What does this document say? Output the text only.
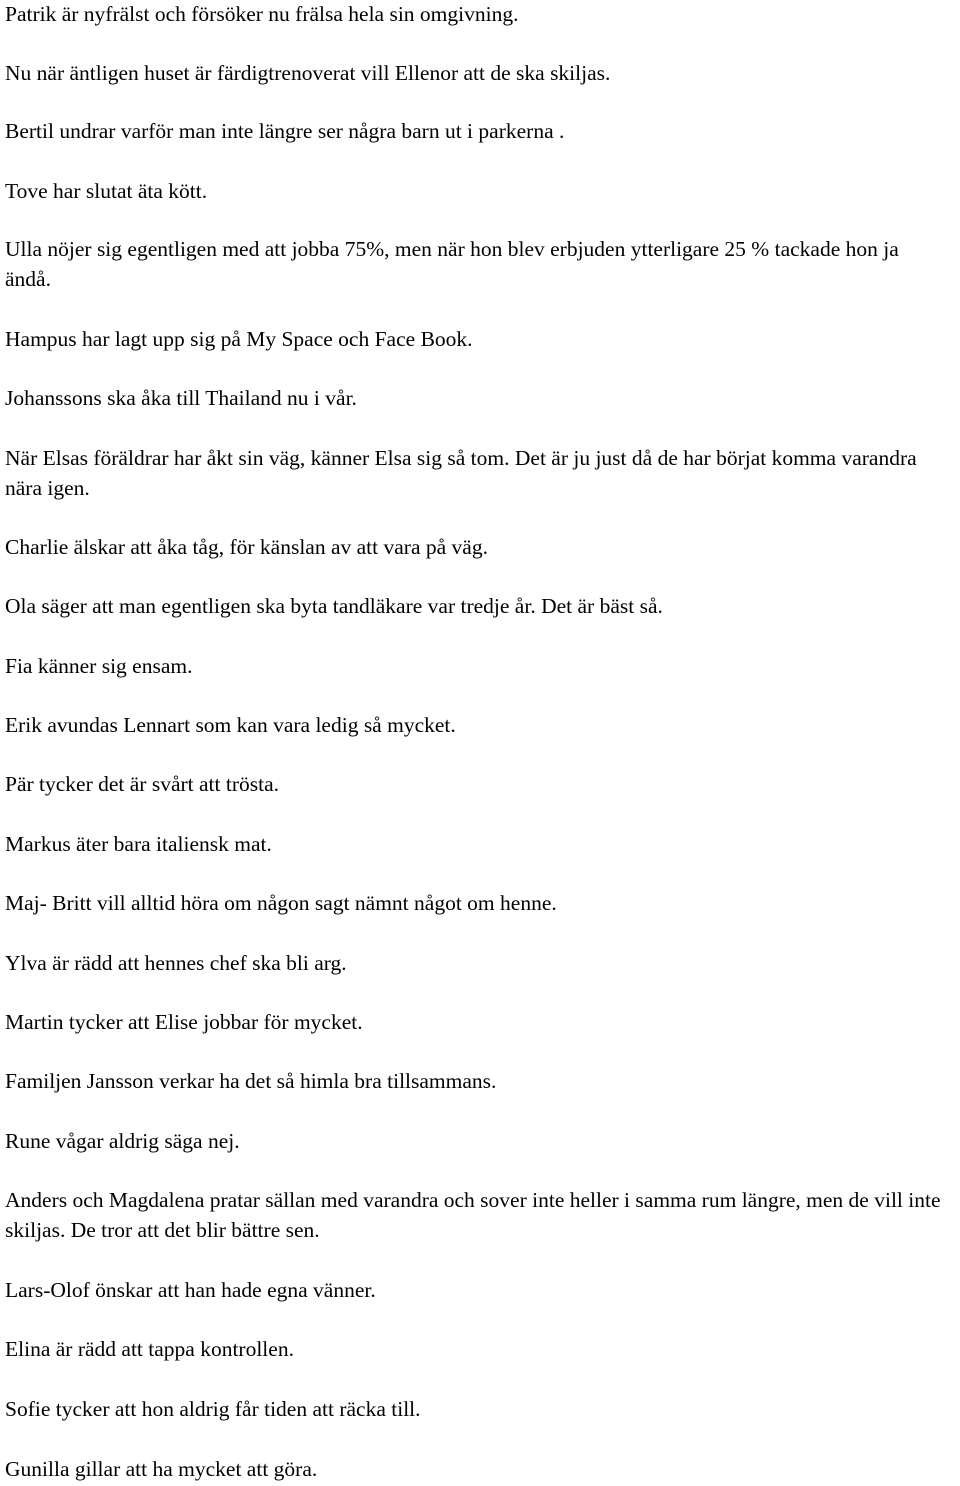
Patrik är nyfrälst och försöker nu frälsa hela sin omgivning.

Nu när äntligen huset är färdigtrenoverat vill Ellenor att de ska skiljas.

Bertil undrar varför man inte längre ser några barn ut i parkerna .

Tove har slutat äta kött.

Ulla nöjer sig egentligen med att jobba 75%, men när hon blev erbjuden ytterligare 25 % tackade hon ja ändå.

Hampus har lagt upp sig på My Space och Face Book.

Johanssons ska åka till Thailand nu i vår.

När Elsas föräldrar har åkt sin väg, känner Elsa sig så tom. Det är ju just då de har börjat komma varandra nära igen.

Charlie älskar att åka tåg, för känslan av att vara på väg.

Ola säger att man egentligen ska byta tandläkare var tredje år. Det är bäst så.

Fia känner sig ensam.

Erik avundas Lennart som kan vara ledig så mycket.

Pär tycker det är svårt att trösta.

Markus äter bara italiensk mat.

Maj- Britt vill alltid höra om någon sagt nämnt något om henne.

Ylva är rädd att hennes chef ska bli arg.

Martin tycker att Elise jobbar för mycket.

Familjen Jansson verkar ha det så himla bra tillsammans.

Rune vågar aldrig säga nej.

Anders och Magdalena pratar sällan med varandra och sover inte heller i samma rum längre, men de vill inte skiljas. De tror att det blir bättre sen.

Lars-Olof önskar att han hade egna vänner.

Elina är rädd att tappa kontrollen.

Sofie tycker att hon aldrig får tiden att räcka till.

Gunilla gillar att ha mycket att göra.
